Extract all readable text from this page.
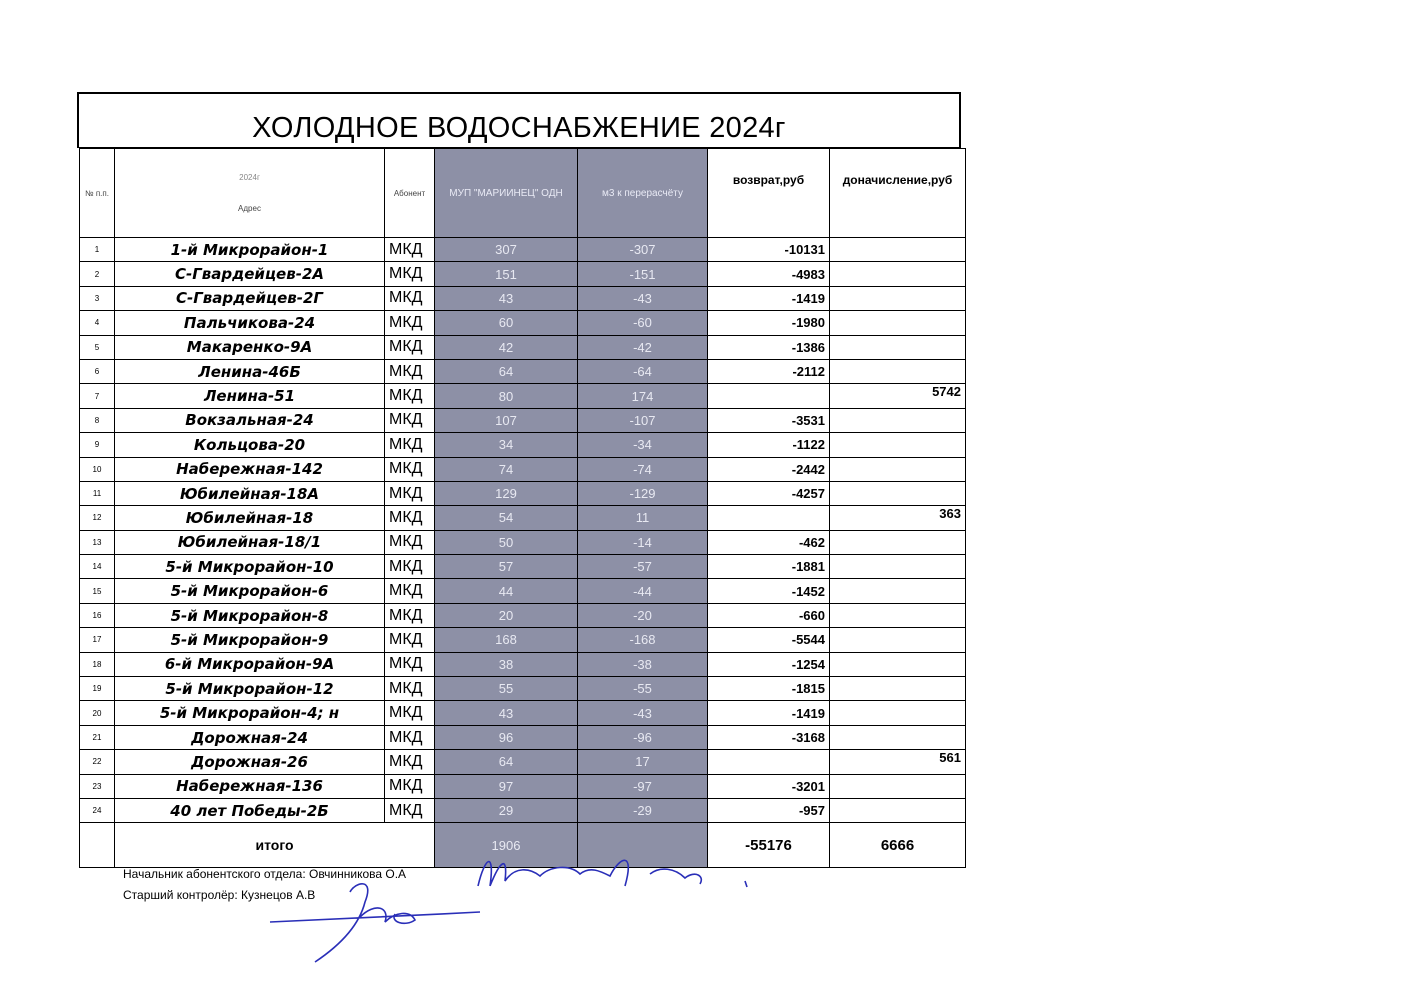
ХОЛОДНОЕ ВОДОСНАБЖЕНИЕ 2024г
№ п.п.	2024г
Адрес	Абонент	МУП "МАРИИНЕЦ" ОДН	м3 к перерасчёту	возврат,руб	доначисление,руб
1	1-й Микрорайон-1	МКД	307	-307	-10131	
2	С-Гвардейцев-2А	МКД	151	-151	-4983	
3	С-Гвардейцев-2Г	МКД	43	-43	-1419	
4	Пальчикова-24	МКД	60	-60	-1980	
5	Макаренко-9А	МКД	42	-42	-1386	
6	Ленина-46Б	МКД	64	-64	-2112	
7	Ленина-51	МКД	80	174		5742
8	Вокзальная-24	МКД	107	-107	-3531	
9	Кольцова-20	МКД	34	-34	-1122	
10	Набережная-142	МКД	74	-74	-2442	
11	Юбилейная-18А	МКД	129	-129	-4257	
12	Юбилейная-18	МКД	54	11		363
13	Юбилейная-18/1	МКД	50	-14	-462	
14	5-й Микрорайон-10	МКД	57	-57	-1881	
15	5-й Микрорайон-6	МКД	44	-44	-1452	
16	5-й Микрорайон-8	МКД	20	-20	-660	
17	5-й Микрорайон-9	МКД	168	-168	-5544	
18	6-й Микрорайон-9А	МКД	38	-38	-1254	
19	5-й Микрорайон-12	МКД	55	-55	-1815	
20	5-й Микрорайон-4; н	МКД	43	-43	-1419	
21	Дорожная-24	МКД	96	-96	-3168	
22	Дорожная-26	МКД	64	17		561
23	Набережная-136	МКД	97	-97	-3201	
24	40 лет Победы-2Б	МКД	29	-29	-957	
	итого		1906		-55176	6666
Начальник абонентского отдела: Овчинникова О.А
Старший контролёр: Кузнецов А.В
